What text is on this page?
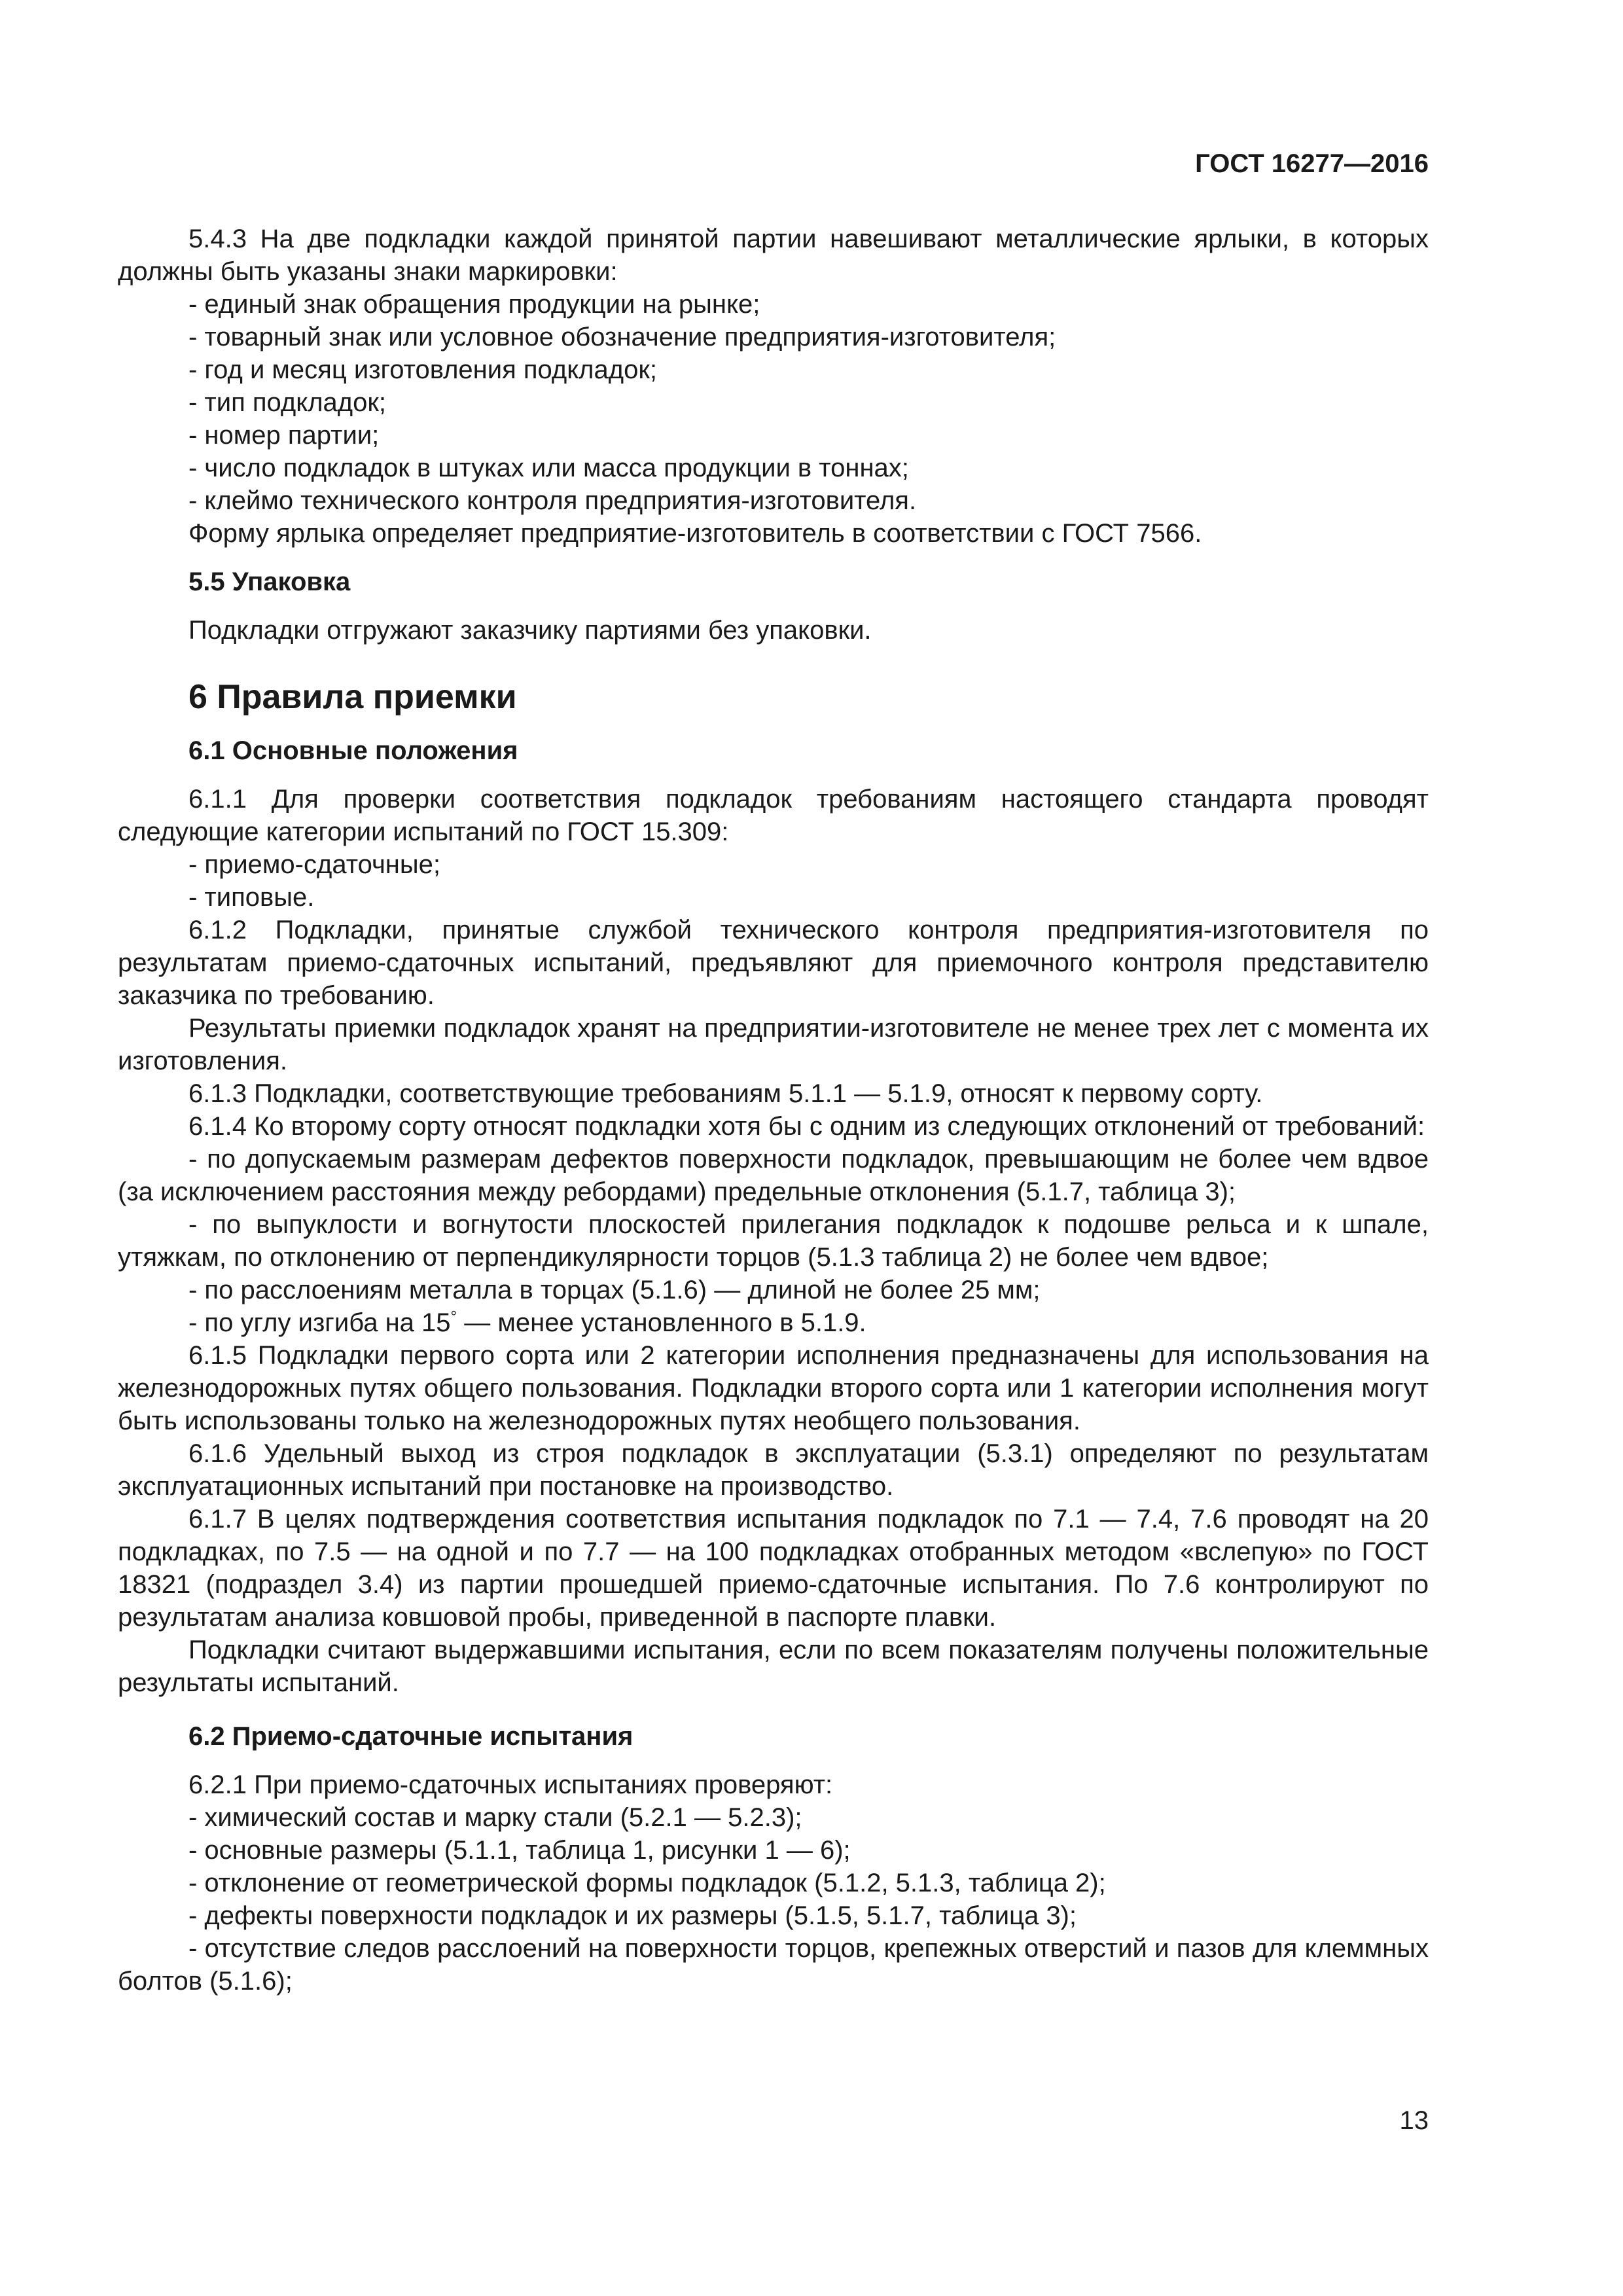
ГОСТ 16277—2016

5.4.3 На две подкладки каждой принятой партии навешивают металлические ярлыки, в которых должны быть указаны знаки маркировки:

- единый знак обращения продукции на рынке;

- товарный знак или условное обозначение предприятия-изготовителя;

- год и месяц изготовления подкладок;

- тип подкладок;

- номер партии;

- число подкладок в штуках или масса продукции в тоннах;

- клеймо технического контроля предприятия-изготовителя.

Форму ярлыка определяет предприятие-изготовитель в соответствии с ГОСТ 7566.

5.5 Упаковка

Подкладки отгружают заказчику партиями без упаковки.

6 Правила приемки

6.1 Основные положения

6.1.1 Для проверки соответствия подкладок требованиям настоящего стандарта проводят следующие категории испытаний по ГОСТ 15.309:

- приемо-сдаточные;

- типовые.

6.1.2 Подкладки, принятые службой технического контроля предприятия-изготовителя по результатам приемо-сдаточных испытаний, предъявляют для приемочного контроля представителю заказчика по требованию.

Результаты приемки подкладок хранят на предприятии-изготовителе не менее трех лет с момента их изготовления.

6.1.3 Подкладки, соответствующие требованиям 5.1.1 — 5.1.9, относят к первому сорту.

6.1.4 Ко второму сорту относят подкладки хотя бы с одним из следующих отклонений от требований:

- по допускаемым размерам дефектов поверхности подкладок, превышающим не более чем вдвое (за исключением расстояния между ребордами) предельные отклонения (5.1.7, таблица 3);

- по выпуклости и вогнутости плоскостей прилегания подкладок к подошве рельса и к шпале, утяжкам, по отклонению от перпендикулярности торцов (5.1.3 таблица 2) не более чем вдвое;

- по расслоениям металла в торцах (5.1.6) — длиной не более 25 мм;

- по углу изгиба на 15° — менее установленного в 5.1.9.

6.1.5 Подкладки первого сорта или 2 категории исполнения предназначены для использования на железнодорожных путях общего пользования. Подкладки второго сорта или 1 категории исполнения могут быть использованы только на железнодорожных путях необщего пользования.

6.1.6 Удельный выход из строя подкладок в эксплуатации (5.3.1) определяют по результатам эксплуатационных испытаний при постановке на производство.

6.1.7 В целях подтверждения соответствия испытания подкладок по 7.1 — 7.4, 7.6 проводят на 20 подкладках, по 7.5 — на одной и по 7.7 — на 100 подкладках отобранных методом «вслепую» по ГОСТ 18321 (подраздел 3.4) из партии прошедшей приемо-сдаточные испытания. По 7.6 контролируют по результатам анализа ковшовой пробы, приведенной в паспорте плавки.

Подкладки считают выдержавшими испытания, если по всем показателям получены положительные результаты испытаний.

6.2 Приемо-сдаточные испытания

6.2.1 При приемо-сдаточных испытаниях проверяют:

- химический состав и марку стали (5.2.1 — 5.2.3);

- основные размеры (5.1.1, таблица 1, рисунки 1 — 6);

- отклонение от геометрической формы подкладок (5.1.2, 5.1.3, таблица 2);

- дефекты поверхности подкладок и их размеры (5.1.5, 5.1.7, таблица 3);

- отсутствие следов расслоений на поверхности торцов, крепежных отверстий и пазов для клеммных болтов (5.1.6);

13
